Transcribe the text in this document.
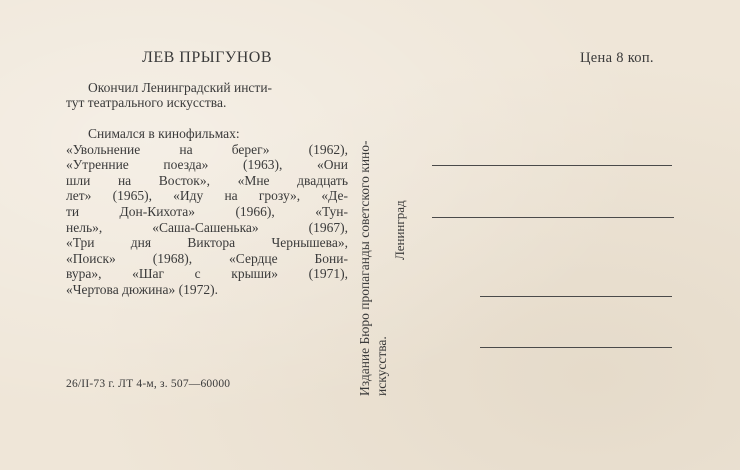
ЛЕВ ПРЫГУНОВ

Окончил Ленинградский инсти-
тут театрального искусства.

Снимался в кинофильмах:

«Увольнение на берег» (1962),
«Утренние поезда» (1963), «Они
шли на Восток», «Мне двадцать
лет» (1965), «Иду на грозу», «Де-
ти Дон-Кихота» (1966), «Тун-
нель», «Саша-Сашенька» (1967),
«Три дня Виктора Чернышева»,
«Поиск» (1968), «Сердце Бони-
вура», «Шаг с крыши» (1971),
«Чертова дюжина» (1972).
26/II-73 г. ЛТ 4-м, з. 507—60000	Издание Бюро пропаганды советского кино- искусства.
Ленинград
Цена 8 коп.
